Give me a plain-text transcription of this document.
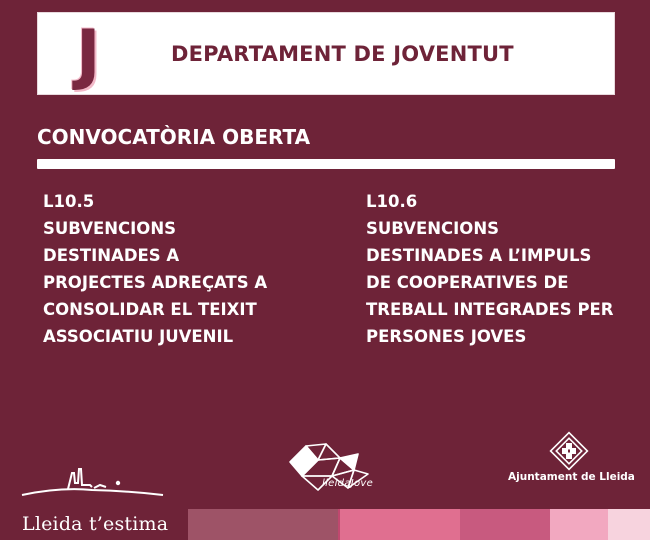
J	DEPARTAMENT DE JOVENTUT
CONVOCATÒRIA OBERTA
L10.5
SUBVENCIONS
DESTINADES A
PROJECTES ADREÇATS A
CONSOLIDAR EL TEIXIT
ASSOCIATIU JUVENIL
L10.6
SUBVENCIONS
DESTINADES A L’IMPULS
DE COOPERATIVES DE
TREBALL INTEGRADES PER
PERSONES JOVES
lleidaJove
Ajuntament de Lleida
Lleida t’estima
